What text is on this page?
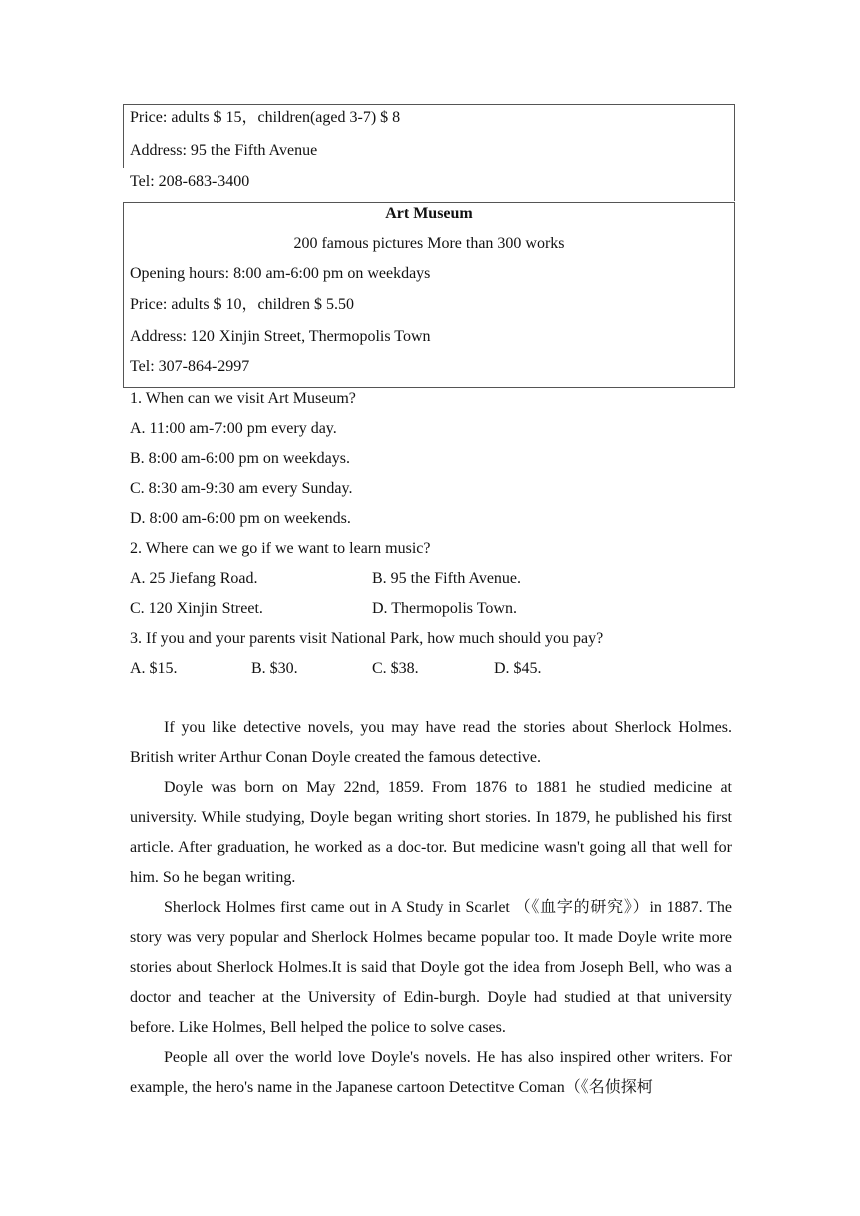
Price: adults $ 15，children(aged 3-7) $ 8
Address: 95 the Fifth Avenue
Tel: 208-683-3400
Art Museum
200 famous pictures More than 300 works
Opening hours: 8:00 am-6:00 pm on weekdays
Price: adults $ 10，children $ 5.50
Address: 120 Xinjin Street, Thermopolis Town
Tel: 307-864-2997
1. When can we visit Art Museum?
A. 11:00 am-7:00 pm every day.
B. 8:00 am-6:00 pm on weekdays.
C. 8:30 am-9:30 am every Sunday.
D. 8:00 am-6:00 pm on weekends.
2. Where can we go if we want to learn music?
A. 25 Jiefang Road.	B. 95 the Fifth Avenue.
C. 120 Xinjin Street.	D. Thermopolis Town.
3. If you and your parents visit National Park, how much should you pay?
A. $15.	B. $30.	C. $38.	D. $45.

If you like detective novels, you may have read the stories about Sherlock Holmes. British writer Arthur Conan Doyle created the famous detective.

Doyle was born on May 22nd, 1859. From 1876 to 1881 he studied medicine at university. While studying, Doyle began writing short stories. In 1879, he published his first article. After graduation, he worked as a doc-tor. But medicine wasn't going all that well for him. So he began writing.

Sherlock Holmes first came out in A Study in Scarlet （《血字的研究》）in 1887. The story was very popular and Sherlock Holmes became popular too. It made Doyle write more stories about Sherlock Holmes.It is said that Doyle got the idea from Joseph Bell, who was a doctor and teacher at the University of Edin-burgh. Doyle had studied at that university before. Like Holmes, Bell helped the police to solve cases.

People all over the world love Doyle's novels. He has also inspired other writers. For example, the hero's name in the Japanese cartoon Detectitve Coman（《名侦探柯
